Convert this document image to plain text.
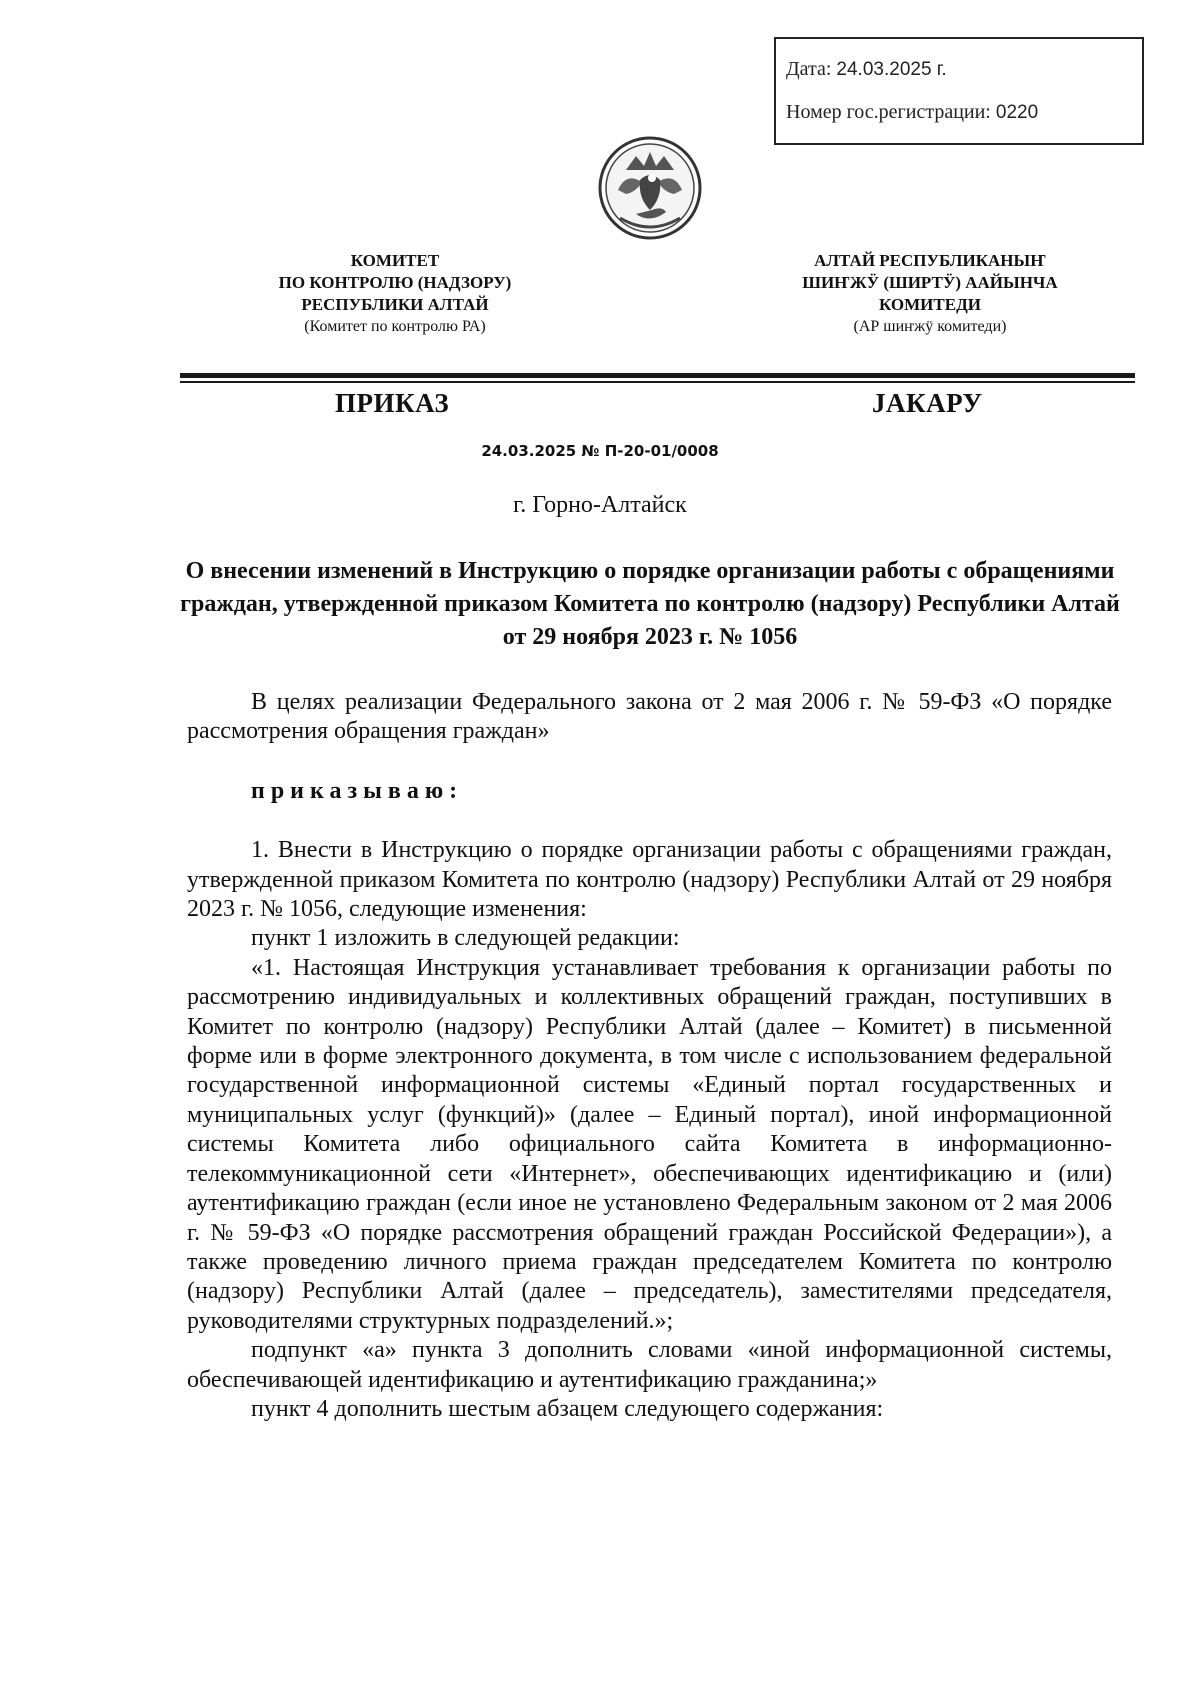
Дата: 24.03.2025 г.
Номер гос.регистрации: 0220
КОМИТЕТ
ПО КОНТРОЛЮ (НАДЗОРУ)
РЕСПУБЛИКИ АЛТАЙ
(Комитет по контролю РА)
АЛТАЙ РЕСПУБЛИКАНЫҤ
ШИҤЖӰ (ШИРТӰ) ААЙЫНЧА
КОМИТЕДИ
(АР шиҥжӱ комитеди)
ПРИКАЗ	ЈАКАРУ
24.03.2025 № П-20-01/0008
г. Горно-Алтайск
О внесении изменений в Инструкцию о порядке организации работы с обращениями граждан, утвержденной приказом Комитета по контролю (надзору) Республики Алтай от 29 ноября 2023 г. № 1056

В целях реализации Федерального закона от 2 мая 2006 г. № 59-ФЗ «О порядке рассмотрения обращения граждан»

приказываю:

1. Внести в Инструкцию о порядке организации работы с обращениями граждан, утвержденной приказом Комитета по контролю (надзору) Республики Алтай от 29 ноября 2023 г. № 1056, следующие изменения:

пункт 1 изложить в следующей редакции:

«1. Настоящая Инструкция устанавливает требования к организации работы по рассмотрению индивидуальных и коллективных обращений граждан, поступивших в Комитет по контролю (надзору) Республики Алтай (далее – Комитет) в письменной форме или в форме электронного документа, в том числе с использованием федеральной государственной информационной системы «Единый портал государственных и муниципальных услуг (функций)» (далее – Единый портал), иной информационной системы Комитета либо официального сайта Комитета в информационно-телекоммуникационной сети «Интернет», обеспечивающих идентификацию и (или) аутентификацию граждан (если иное не установлено Федеральным законом от 2 мая 2006 г. № 59-ФЗ «О порядке рассмотрения обращений граждан Российской Федерации»), а также проведению личного приема граждан председателем Комитета по контролю (надзору) Республики Алтай (далее – председатель), заместителями председателя, руководителями структурных подразделений.»;

подпункт «а» пункта 3 дополнить словами «иной информационной системы, обеспечивающей идентификацию и аутентификацию гражданина;»

пункт 4 дополнить шестым абзацем следующего содержания:
